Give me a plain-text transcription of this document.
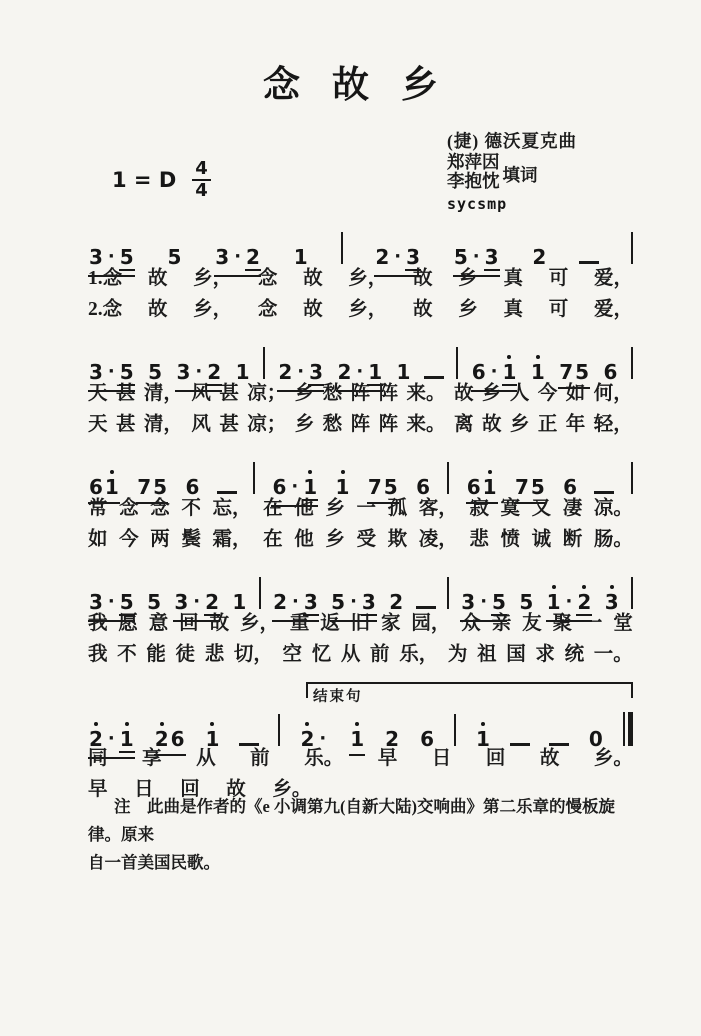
念故乡
(捷) 德沃夏克曲
郑萍因
李抱忱 填词
sycsmp
1 = D $\frac{4}{4}$
3 · 5 5 3 · 2 1	2 · 3 5 · 3 2
1.念 故 乡， 念 故 乡， 故 乡 真 可 爱，
2.念 故 乡， 念 故 乡， 故 乡 真 可 爱，
3 · 5 5 3 · 2 1 2 · 3 2 · 1 1	6 · 1 1 7 5 6
天 甚 清， 风 甚 凉； 乡 愁 阵 阵 来。 故 乡 人 今 如 何，
天 甚 清， 风 甚 凉； 乡 愁 阵 阵 来。 离 故 乡 正 年 轻，
6 1 7 5 6	6 · 1 1 7 5 6 6 1 7 5 6
常 念 念 不 忘， 在 他 乡 一 孤 客， 寂 寞 又 凄 凉。
如 今 两 鬓 霜， 在 他 乡 受 欺 凌， 悲 愤 诚 断 肠。
3 · 5 5 3 · 2 1 2 · 3 5 · 3 2	3 · 5 5 1 · 2 3
我 愿 意 回 故 乡， 重 返 旧 家 园， 众 亲 友 聚 一 堂
我 不 能 徒 悲 切， 空 忆 从 前 乐， 为 祖 国 求 统 一。
结束句
2 · 1 2 6 1	2 · 1 2 6 1	0
同 享 从 前 乐。 早 日 回 故 乡。
早 日 回 故 乡。
注　此曲是作者的《e 小调第九(自新大陆)交响曲》第二乐章的慢板旋律。原来
自一首美国民歌。
